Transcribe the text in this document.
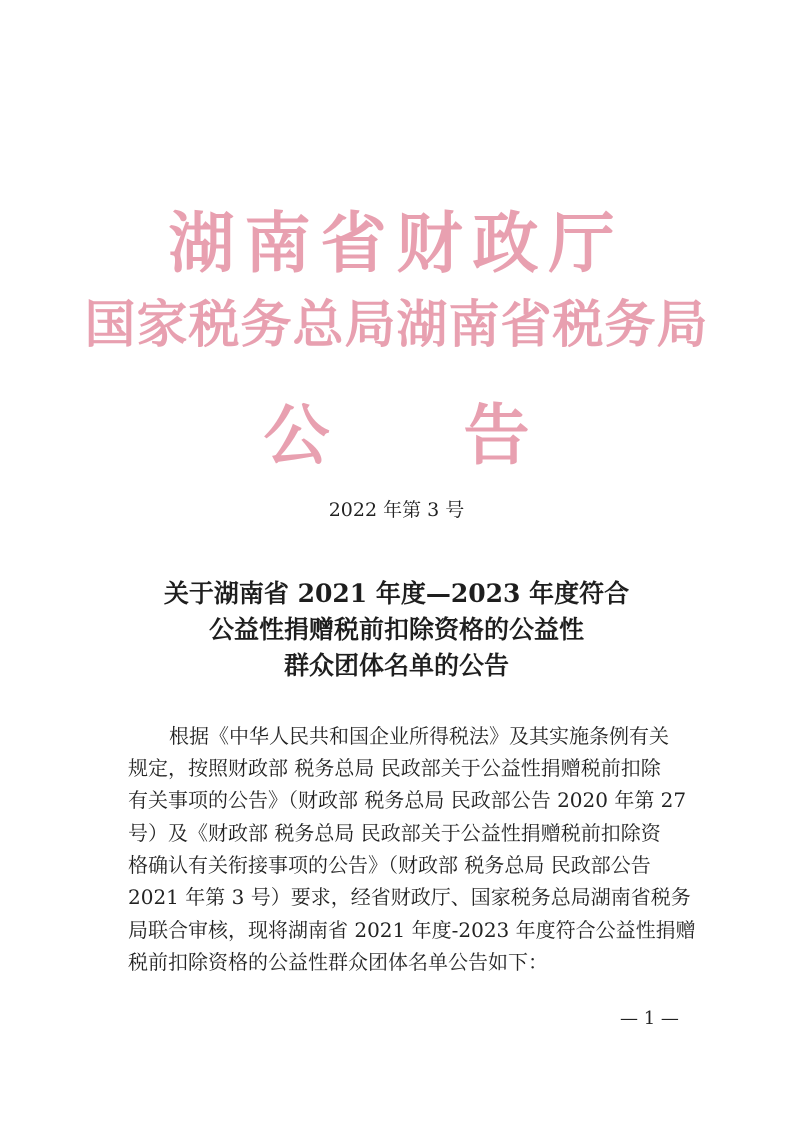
湖南省财政厅
国家税务总局湖南省税务局
公 告
2022 年第 3 号
关于湖南省 2021 年度—2023 年度符合
公益性捐赠税前扣除资格的公益性
群众团体名单的公告
根据《中华人民共和国企业所得税法》及其实施条例有关
规定，按照财政部 税务总局 民政部关于公益性捐赠税前扣除
有关事项的公告》（财政部 税务总局 民政部公告 2020 年第 27
号）及《财政部 税务总局 民政部关于公益性捐赠税前扣除资
格确认有关衔接事项的公告》（财政部 税务总局 民政部公告
2021 年第 3 号）要求，经省财政厅、国家税务总局湖南省税务
局联合审核，现将湖南省 2021 年度-2023 年度符合公益性捐赠
税前扣除资格的公益性群众团体名单公告如下：
— 1 —
